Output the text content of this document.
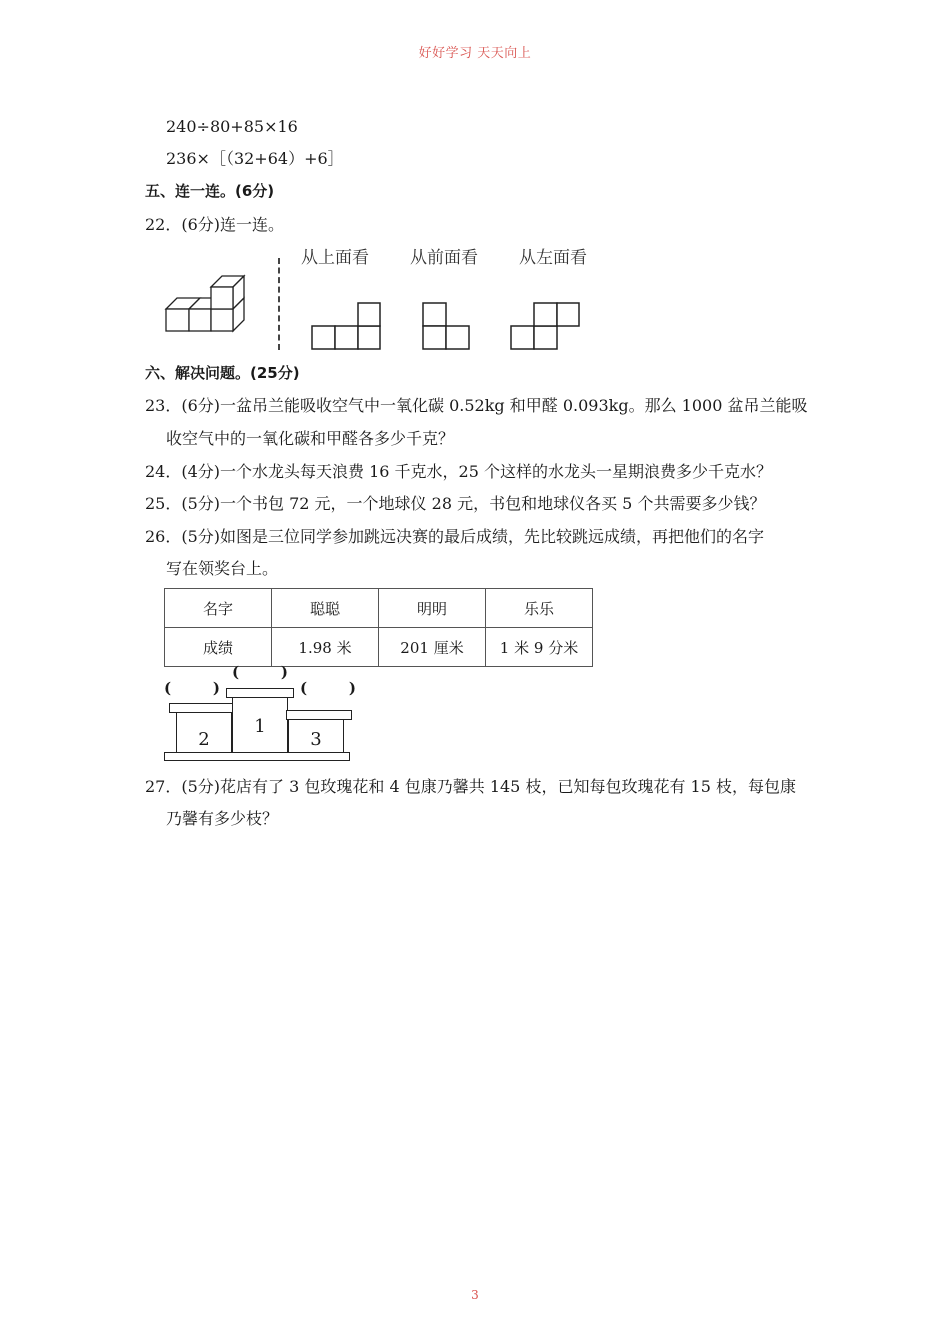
好好学习 天天向上
240÷80+85×16
236×［（32+64）+6］
五、连一连。(6分)
22．(6分)连一连。
从上面看 从前面看 从左面看
六、解决问题。(25分)
23．(6分)一盆吊兰能吸收空气中一氧化碳 0.52kg 和甲醛 0.093kg。那么 1000 盆吊兰能吸
收空气中的一氧化碳和甲醛各多少千克？
24．(4分)一个水龙头每天浪费 16 千克水，25 个这样的水龙头一星期浪费多少千克水？
25．(5分)一个书包 72 元，一个地球仪 28 元，书包和地球仪各买 5 个共需要多少钱？
26．(5分)如图是三位同学参加跳远决赛的最后成绩，先比较跳远成绩，再把他们的名字
写在领奖台上。
名字	聪聪	明明	乐乐
成绩	1.98 米	201 厘米	1 米 9 分米
(        )
(        )	(        )
2
1
3
27．(5分)花店有了 3 包玫瑰花和 4 包康乃馨共 145 枝，已知每包玫瑰花有 15 枝，每包康
乃馨有多少枝？
3
